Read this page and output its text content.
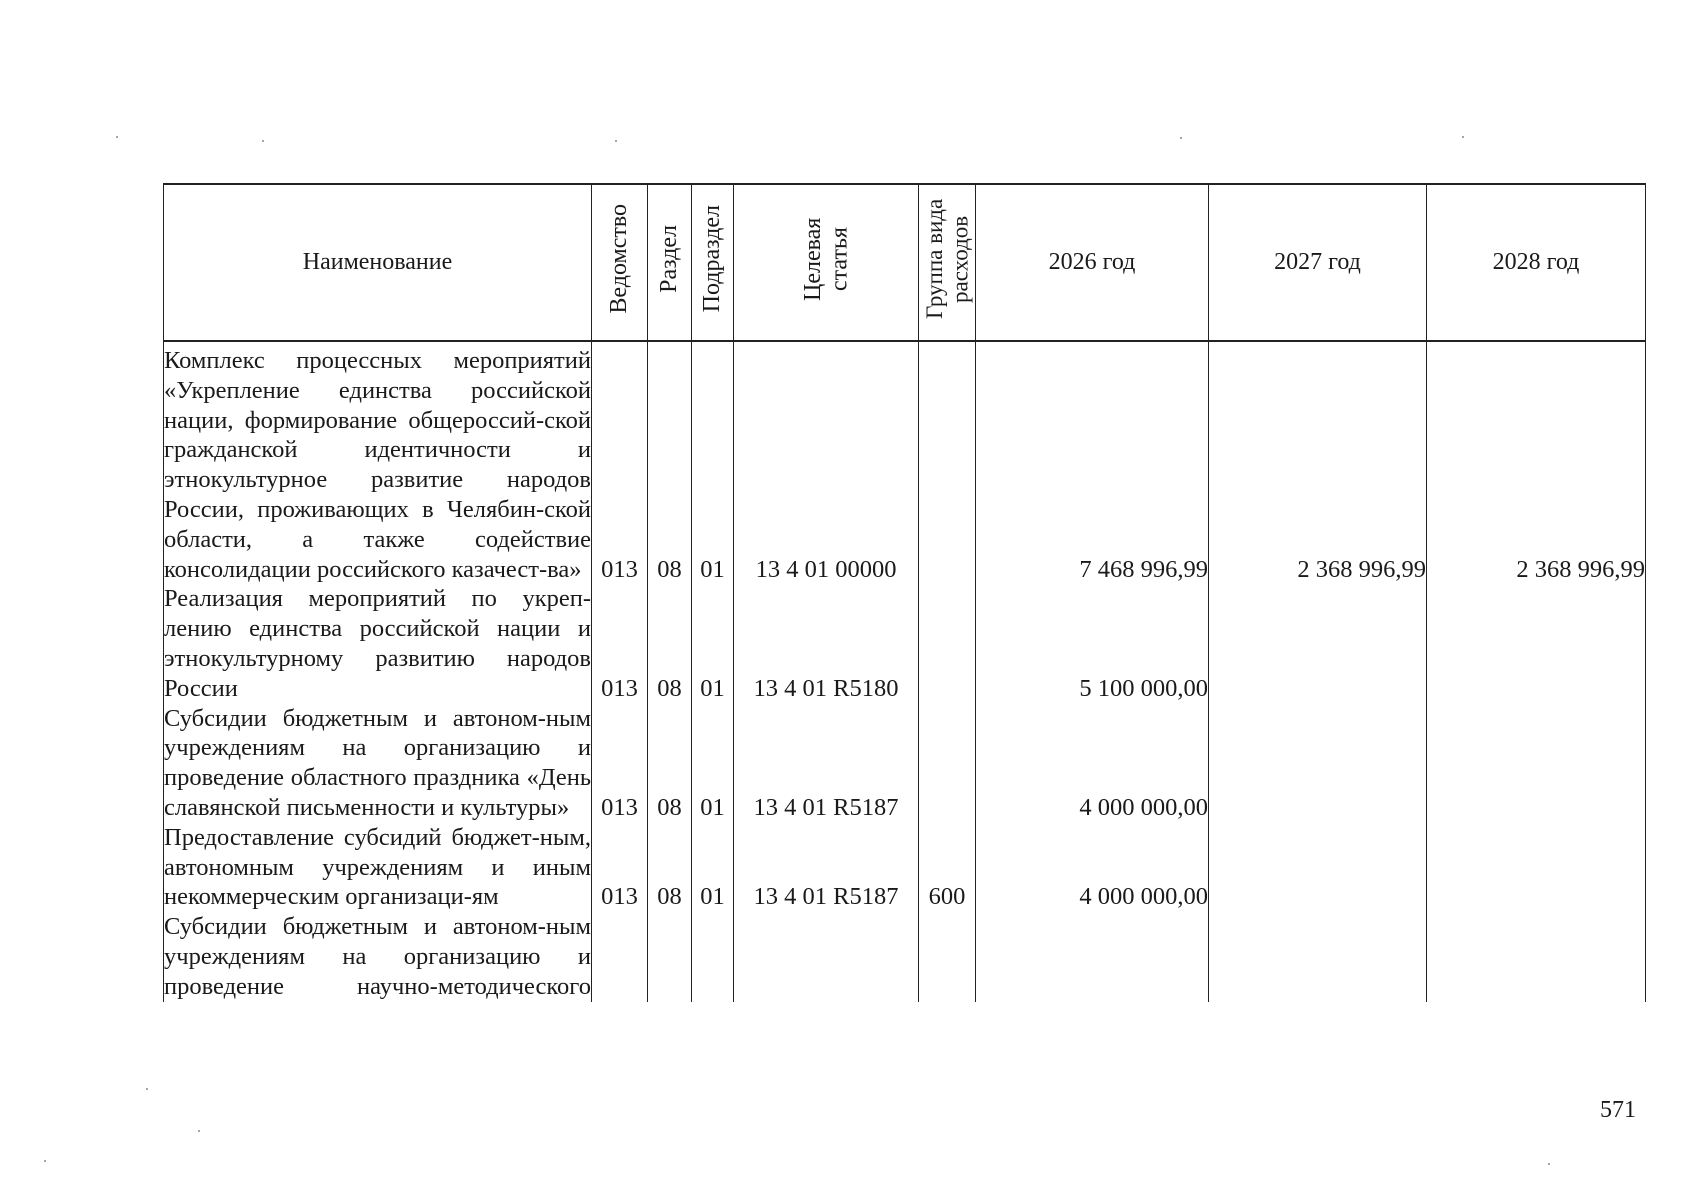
Наименование	Ведомство	Раздел	Подраздел	Целевая статья	Группа вида расходов	2026 год	2027 год	2028 год

Комплекс процессных мероприятий «Укрепление единства российской нации, формирование общероссий-ской гражданской идентичности и этнокультурное развитие народов России, проживающих в Челябин-ской области, а также содействие консолидации российского казачест-ва»	013	08	01	13 4 01 00000		7 468 996,99	2 368 996,99	2 368 996,99

Реализация мероприятий по укреп-лению единства российской нации и этнокультурному развитию народов России	013	08	01	13 4 01 R5180		5 100 000,00		

Субсидии бюджетным и автоном-ным учреждениям на организацию и проведение областного праздника «День славянской письменности и культуры»	013	08	01	13 4 01 R5187		4 000 000,00		

Предоставление субсидий бюджет-ным, автономным учреждениям и иным некоммерческим организаци-ям	013	08	01	13 4 01 R5187	600	4 000 000,00		

Субсидии бюджетным и автоном-ным учреждениям на организацию и проведение научно-методического								

571
